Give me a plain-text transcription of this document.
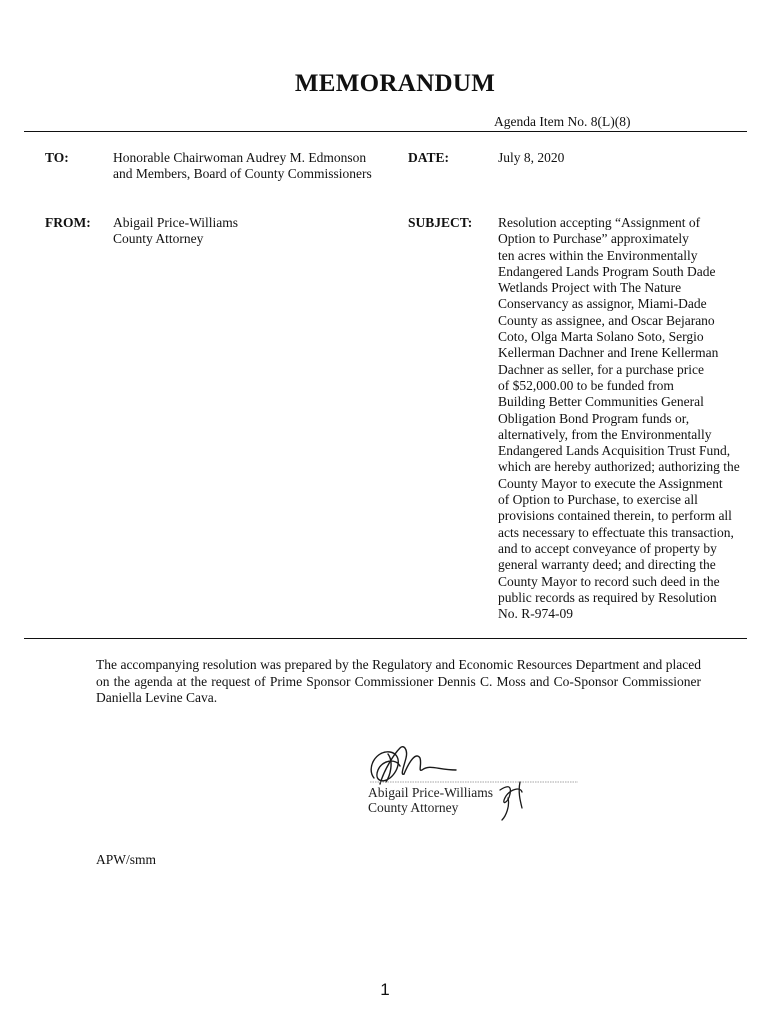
MEMORANDUM
Agenda Item No. 8(L)(8)
TO:	Honorable Chairwoman Audrey M. Edmonson
and Members, Board of County Commissioners
DATE:	July 8, 2020
FROM: Abigail Price-Williams
County Attorney
SUBJECT: Resolution accepting “Assignment of
Option to Purchase” approximately
ten acres within the Environmentally
Endangered Lands Program South Dade
Wetlands Project with The Nature
Conservancy as assignor, Miami-Dade
County as assignee, and Oscar Bejarano
Coto, Olga Marta Solano Soto, Sergio
Kellerman Dachner and Irene Kellerman
Dachner as seller, for a purchase price
of $52,000.00 to be funded from
Building Better Communities General
Obligation Bond Program funds or,
alternatively, from the Environmentally
Endangered Lands Acquisition Trust Fund,
which are hereby authorized; authorizing the
County Mayor to execute the Assignment
of Option to Purchase, to exercise all
provisions contained therein, to perform all
acts necessary to effectuate this transaction,
and to accept conveyance of property by
general warranty deed; and directing the
County Mayor to record such deed in the
public records as required by Resolution
No. R-974-09
The accompanying resolution was prepared by the Regulatory and Economic Resources Department and placed on the agenda at the request of Prime Sponsor Commissioner Dennis C. Moss and Co-Sponsor Commissioner Daniella Levine Cava.
Abigail Price-Williams
County Attorney
APW/smm
1
